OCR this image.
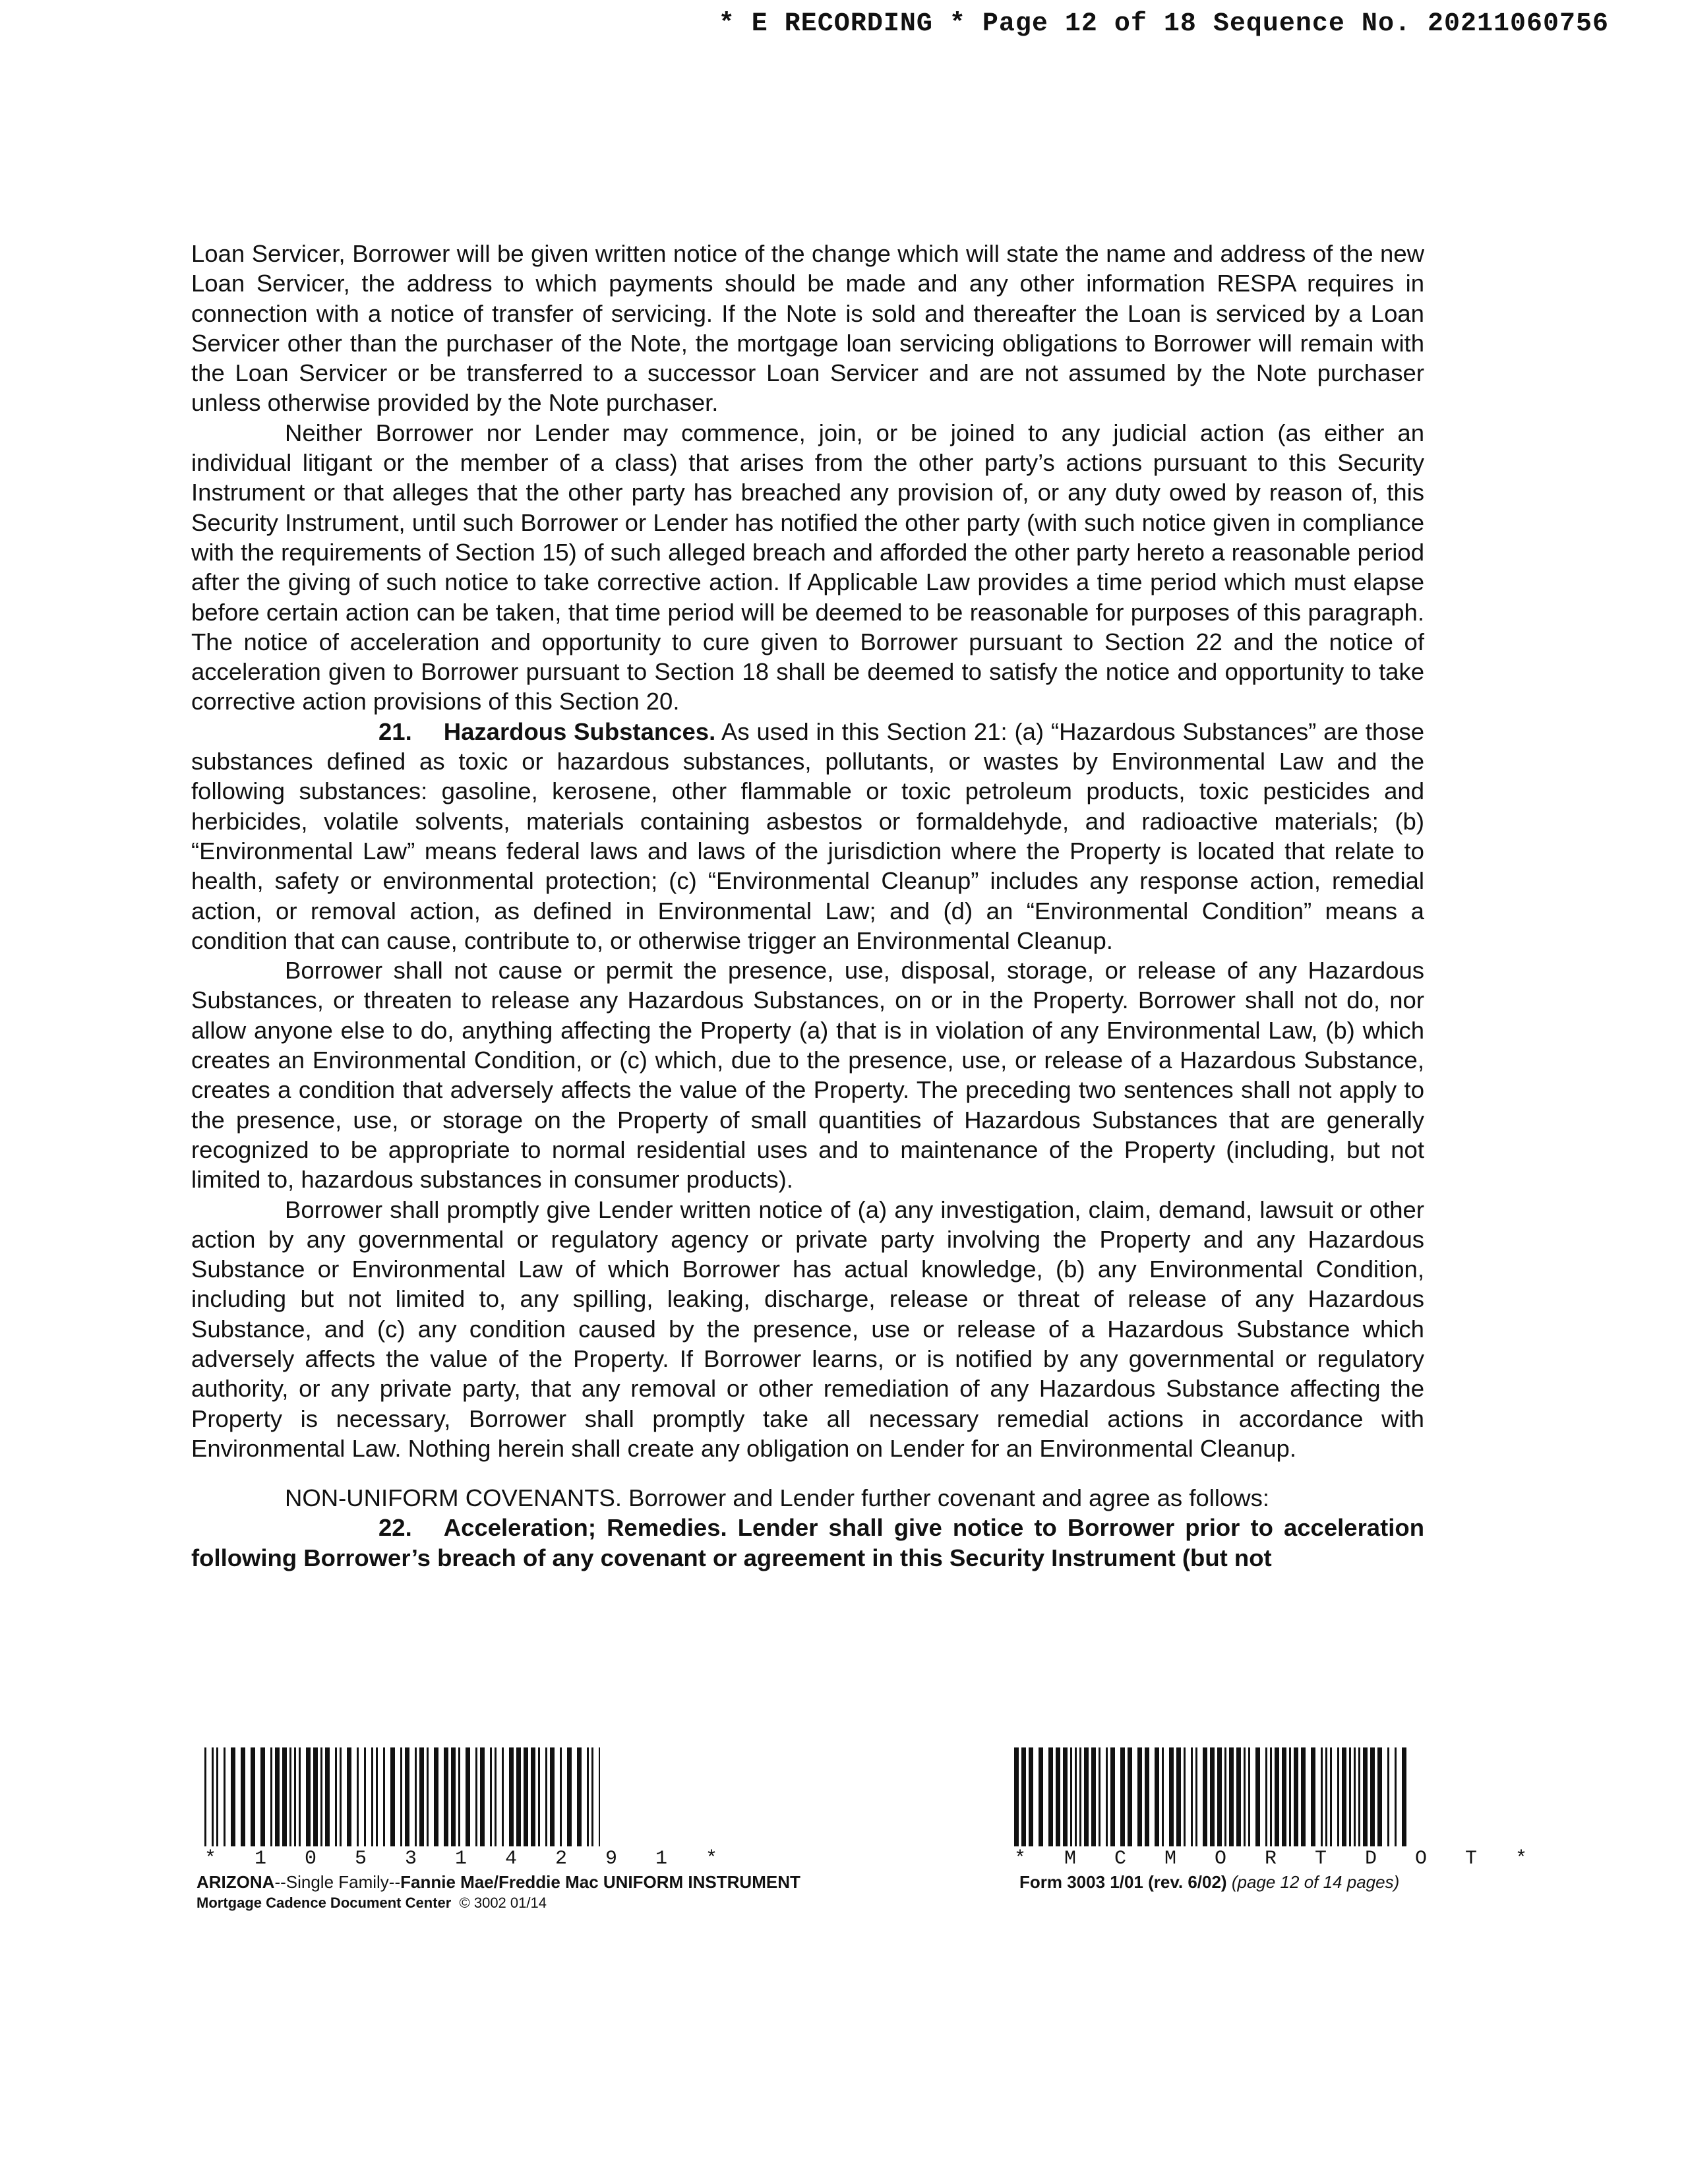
* E RECORDING * Page 12 of 18 Sequence No. 20211060756

Loan Servicer, Borrower will be given written notice of the change which will state the name and address of the new Loan Servicer, the address to which payments should be made and any other information RESPA requires in connection with a notice of transfer of servicing. If the Note is sold and thereafter the Loan is serviced by a Loan Servicer other than the purchaser of the Note, the mortgage loan servicing obligations to Borrower will remain with the Loan Servicer or be transferred to a successor Loan Servicer and are not assumed by the Note purchaser unless otherwise provided by the Note purchaser.

Neither Borrower nor Lender may commence, join, or be joined to any judicial action (as either an individual litigant or the member of a class) that arises from the other party’s actions pursuant to this Security Instrument or that alleges that the other party has breached any provision of, or any duty owed by reason of, this Security Instrument, until such Borrower or Lender has notified the other party (with such notice given in compliance with the requirements of Section 15) of such alleged breach and afforded the other party hereto a reasonable period after the giving of such notice to take corrective action. If Applicable Law provides a time period which must elapse before certain action can be taken, that time period will be deemed to be reasonable for purposes of this paragraph. The notice of acceleration and opportunity to cure given to Borrower pursuant to Section 22 and the notice of acceleration given to Borrower pursuant to Section 18 shall be deemed to satisfy the notice and opportunity to take corrective action provisions of this Section 20.

21. Hazardous Substances. As used in this Section 21: (a) “Hazardous Substances” are those substances defined as toxic or hazardous substances, pollutants, or wastes by Environmental Law and the following substances: gasoline, kerosene, other flammable or toxic petroleum products, toxic pesticides and herbicides, volatile solvents, materials containing asbestos or formaldehyde, and radioactive materials; (b) “Environmental Law” means federal laws and laws of the jurisdiction where the Property is located that relate to health, safety or environmental protection; (c) “Environmental Cleanup” includes any response action, remedial action, or removal action, as defined in Environmental Law; and (d) an “Environmental Condition” means a condition that can cause, contribute to, or otherwise trigger an Environmental Cleanup.

Borrower shall not cause or permit the presence, use, disposal, storage, or release of any Hazardous Substances, or threaten to release any Hazardous Substances, on or in the Property. Borrower shall not do, nor allow anyone else to do, anything affecting the Property (a) that is in violation of any Environmental Law, (b) which creates an Environmental Condition, or (c) which, due to the presence, use, or release of a Hazardous Substance, creates a condition that adversely affects the value of the Property. The preceding two sentences shall not apply to the presence, use, or storage on the Property of small quantities of Hazardous Substances that are generally recognized to be appropriate to normal residential uses and to maintenance of the Property (including, but not limited to, hazardous substances in consumer products).

Borrower shall promptly give Lender written notice of (a) any investigation, claim, demand, lawsuit or other action by any governmental or regulatory agency or private party involving the Property and any Hazardous Substance or Environmental Law of which Borrower has actual knowledge, (b) any Environmental Condition, including but not limited to, any spilling, leaking, discharge, release or threat of release of any Hazardous Substance, and (c) any condition caused by the presence, use or release of a Hazardous Substance which adversely affects the value of the Property. If Borrower learns, or is notified by any governmental or regulatory authority, or any private party, that any removal or other remediation of any Hazardous Substance affecting the Property is necessary, Borrower shall promptly take all necessary remedial actions in accordance with Environmental Law. Nothing herein shall create any obligation on Lender for an Environmental Cleanup.

NON-UNIFORM COVENANTS. Borrower and Lender further covenant and agree as follows:

22. Acceleration; Remedies. Lender shall give notice to Borrower prior to acceleration following Borrower’s breach of any covenant or agreement in this Security Instrument (but not

* 1 0 5 3 1 4 2 9 1 *	* M C M O R T D O T *
ARIZONA--Single Family--Fannie Mae/Freddie Mac UNIFORM INSTRUMENT
Mortgage Cadence Document Center © 3002 01/14
Form 3003 1/01 (rev. 6/02) (page 12 of 14 pages)
